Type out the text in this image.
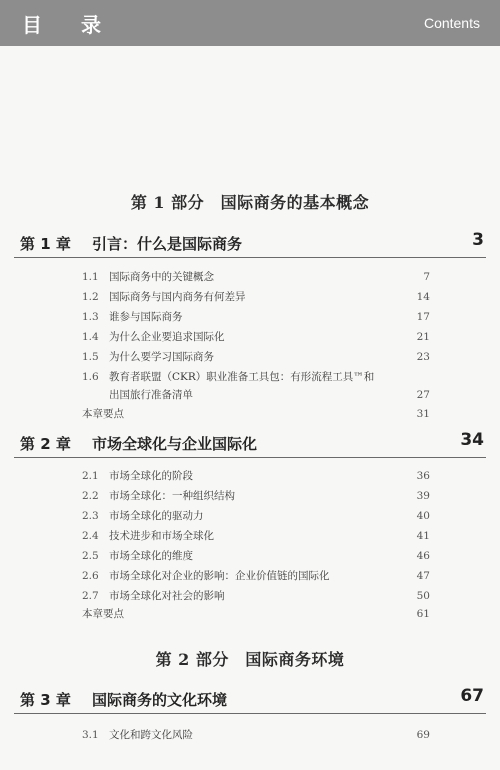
目 录	Contents
第 1 部分　国际商务的基本概念
第 1 章 引言：什么是国际商务	3
1.1 国际商务中的关键概念	7
1.2 国际商务与国内商务有何差异	14
1.3 谁参与国际商务	17
1.4 为什么企业要追求国际化	21
1.5 为什么要学习国际商务	23
1.6 教育者联盟（CKR）职业准备工具包：有形流程工具™和
出国旅行准备清单	27
本章要点	31
第 2 章 市场全球化与企业国际化	34
2.1 市场全球化的阶段	36
2.2 市场全球化：一种组织结构	39
2.3 市场全球化的驱动力	40
2.4 技术进步和市场全球化	41
2.5 市场全球化的维度	46
2.6 市场全球化对企业的影响：企业价值链的国际化	47
2.7 市场全球化对社会的影响	50
本章要点	61
第 2 部分　国际商务环境
第 3 章 国际商务的文化环境	67
3.1 文化和跨文化风险	69
